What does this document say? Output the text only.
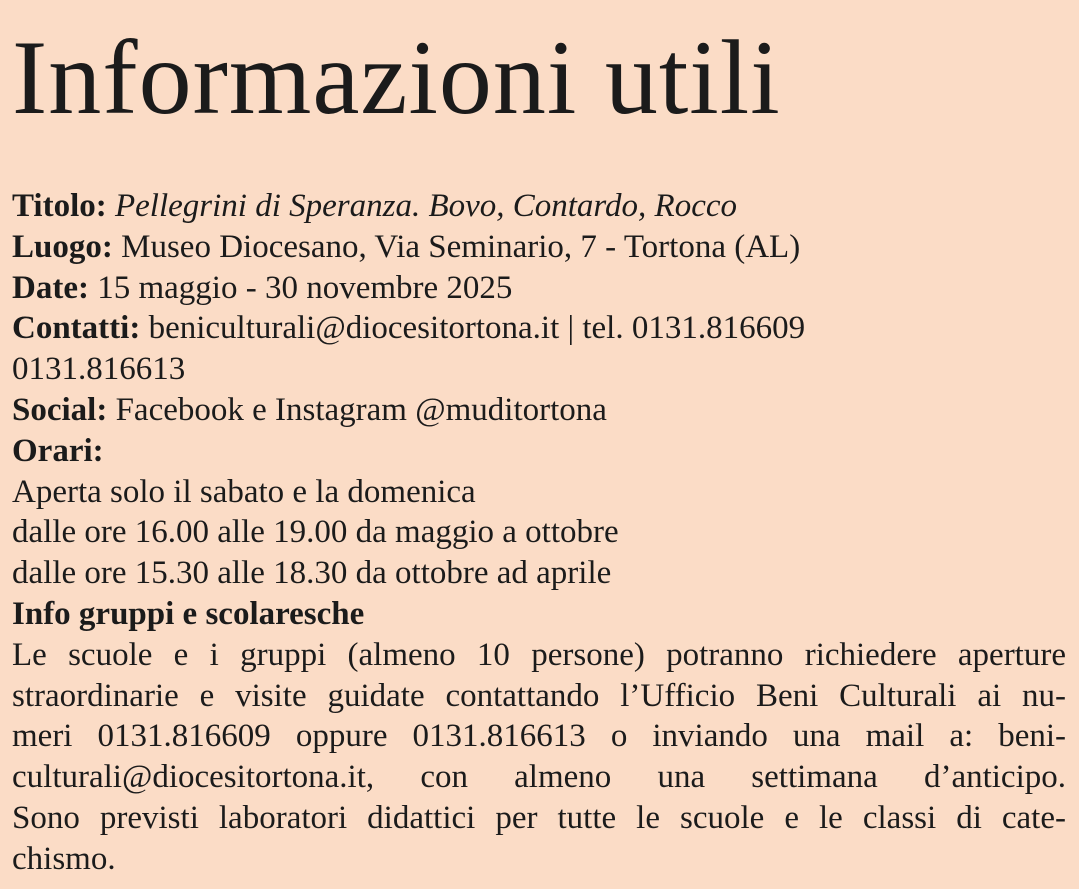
Informazioni utili
Titolo: Pellegrini di Speranza. Bovo, Contardo, Rocco
Luogo: Museo Diocesano, Via Seminario, 7 - Tortona (AL)
Date: 15 maggio - 30 novembre 2025
Contatti: beniculturali@diocesitortona.it | tel. 0131.816609
0131.816613
Social: Facebook e Instagram @muditortona
Orari:
Aperta solo il sabato e la domenica
dalle ore 16.00 alle 19.00 da maggio a ottobre
dalle ore 15.30 alle 18.30 da ottobre ad aprile
Info gruppi e scolaresche
Le scuole e i gruppi (almeno 10 persone) potranno richiedere aperture
straordinarie e visite guidate contattando l’Ufficio Beni Culturali ai nu-
meri 0131.816609 oppure 0131.816613 o inviando una mail a: beni-
culturali@diocesitortona.it, con almeno una settimana d’anticipo.
Sono previsti laboratori didattici per tutte le scuole e le classi di cate-
chismo.
